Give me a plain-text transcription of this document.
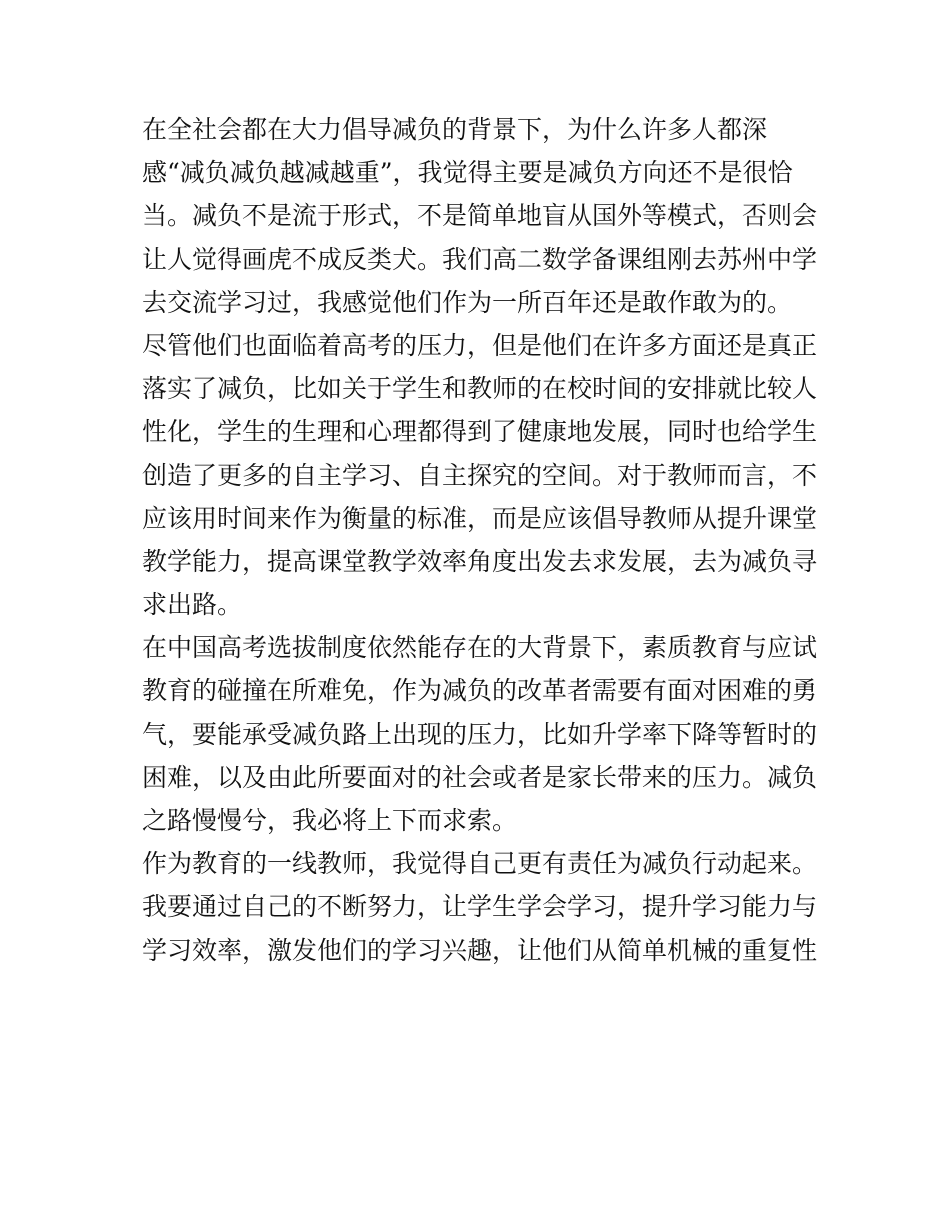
在全社会都在大力倡导减负的背景下，为什么许多人都深

感“减负减负越减越重”，我觉得主要是减负方向还不是很恰

当。减负不是流于形式，不是简单地盲从国外等模式，否则会

让人觉得画虎不成反类犬。我们高二数学备课组刚去苏州中学

去交流学习过，我感觉他们作为一所百年还是敢作敢为的。

尽管他们也面临着高考的压力，但是他们在许多方面还是真正

落实了减负，比如关于学生和教师的在校时间的安排就比较人

性化，学生的生理和心理都得到了健康地发展，同时也给学生

创造了更多的自主学习、自主探究的空间。对于教师而言，不

应该用时间来作为衡量的标准，而是应该倡导教师从提升课堂

教学能力，提高课堂教学效率角度出发去求发展，去为减负寻

求出路。

在中国高考选拔制度依然能存在的大背景下，素质教育与应试

教育的碰撞在所难免，作为减负的改革者需要有面对困难的勇

气，要能承受减负路上出现的压力，比如升学率下降等暂时的

困难，以及由此所要面对的社会或者是家长带来的压力。减负

之路慢慢兮，我必将上下而求索。

作为教育的一线教师，我觉得自己更有责任为减负行动起来。

我要通过自己的不断努力，让学生学会学习，提升学习能力与

学习效率，激发他们的学习兴趣，让他们从简单机械的重复性
